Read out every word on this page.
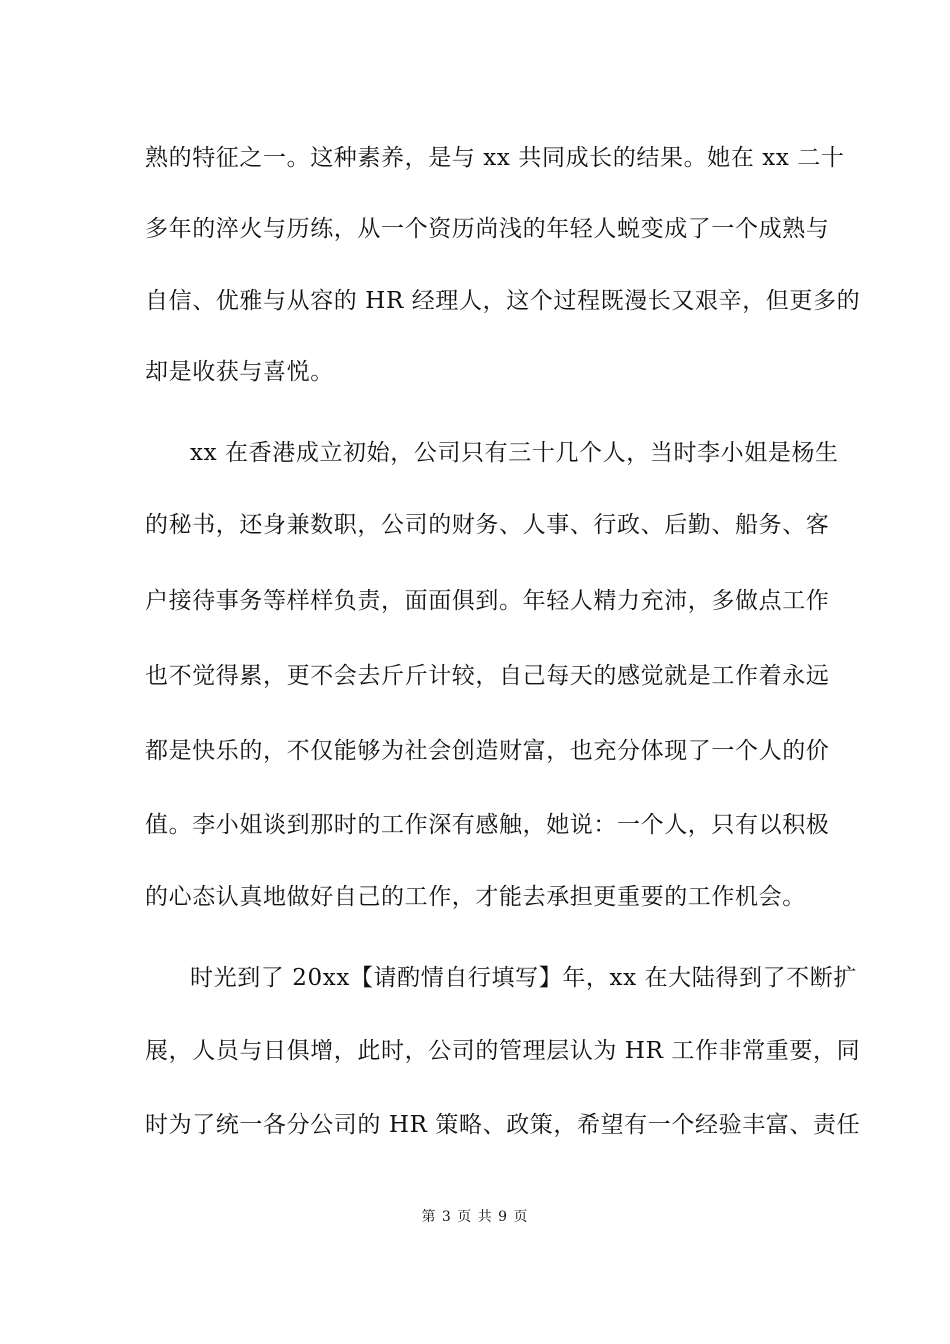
熟的特征之一。这种素养，是与 xx 共同成长的结果。她在 xx 二十
多年的淬火与历练，从一个资历尚浅的年轻人蜕变成了一个成熟与
自信、优雅与从容的 HR 经理人，这个过程既漫长又艰辛，但更多的
却是收获与喜悦。
xx 在香港成立初始，公司只有三十几个人，当时李小姐是杨生
的秘书，还身兼数职，公司的财务、人事、行政、后勤、船务、客
户接待事务等样样负责，面面俱到。年轻人精力充沛，多做点工作
也不觉得累，更不会去斤斤计较，自己每天的感觉就是工作着永远
都是快乐的，不仅能够为社会创造财富，也充分体现了一个人的价
值。李小姐谈到那时的工作深有感触，她说：一个人，只有以积极
的心态认真地做好自己的工作，才能去承担更重要的工作机会。
时光到了 20xx【请酌情自行填写】年，xx 在大陆得到了不断扩
展，人员与日俱增，此时，公司的管理层认为 HR 工作非常重要，同
时为了统一各分公司的 HR 策略、政策，希望有一个经验丰富、责任
第 3 页 共 9 页
